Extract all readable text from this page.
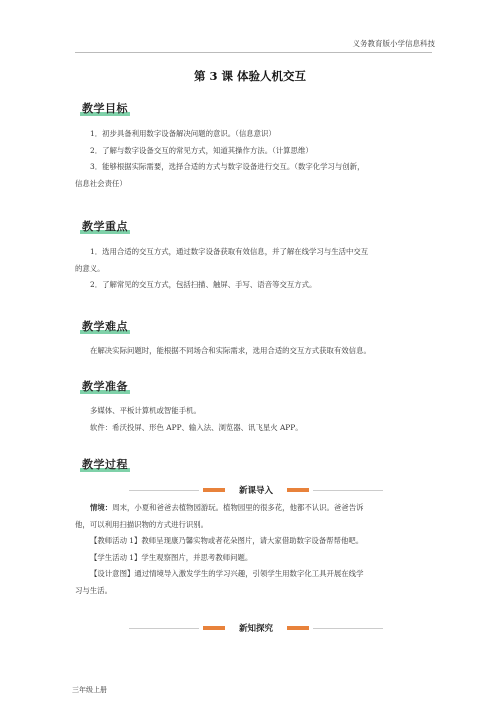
义务教育版小学信息科技
第 3 课 体验人机交互
教学目标
1．初步具备利用数字设备解决问题的意识。（信息意识）
2．了解与数字设备交互的常见方式，知道其操作方法。（计算思维）
3．能够根据实际需要，选择合适的方式与数字设备进行交互。（数字化学习与创新，
信息社会责任）
教学重点
1．选用合适的交互方式，通过数字设备获取有效信息，并了解在线学习与生活中交互
的意义。
2．了解常见的交互方式，包括扫描、触屏、手写、语音等交互方式。
教学难点
在解决实际问题时，能根据不同场合和实际需求，选用合适的交互方式获取有效信息。
教学准备
多媒体、平板计算机或智能手机。
软件：希沃投屏、形色 APP、输入法、浏览器、讯飞星火 APP。
教学过程
新课导入
情境：周末，小夏和爸爸去植物园游玩。植物园里的很多花，他都不认识。爸爸告诉
他，可以利用扫描识物的方式进行识别。
【教师活动 1】教师呈现康乃馨实物或者花朵图片，请大家借助数字设备帮帮他吧。
【学生活动 1】学生观察图片，并思考教师问题。
【设计意图】通过情境导入激发学生的学习兴趣，引领学生用数字化工具开展在线学
习与生活。
新知探究
三年级上册
